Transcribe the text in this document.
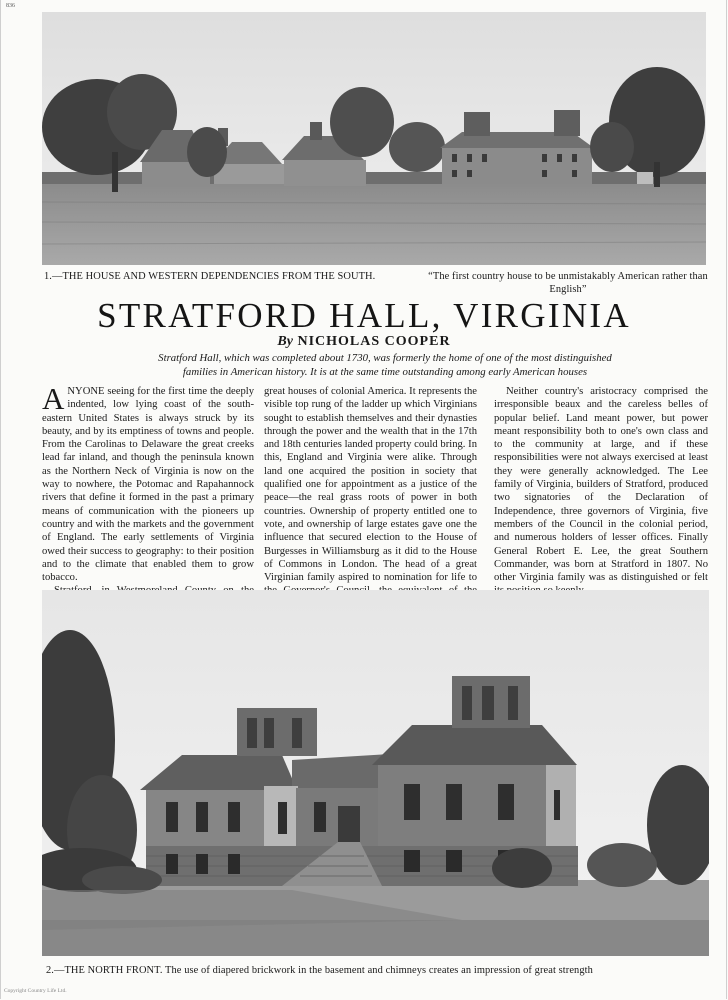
836
1.—THE HOUSE AND WESTERN DEPENDENCIES FROM THE SOUTH.	“The first country house to be unmistakably American rather than English”
STRATFORD HALL, VIRGINIA
By NICHOLAS COOPER
Stratford Hall, which was completed about 1730, was formerly the home of one of the most distinguished families in American history. It is at the same time outstanding among early American houses

ANYONE seeing for the first time the deeply indented, low lying coast of the south-eastern United States is always struck by its beauty, and by its emptiness of towns and people. From the Carolinas to Delaware the great creeks lead far inland, and though the peninsula known as the Northern Neck of Virginia is now on the way to nowhere, the Potomac and Rapahannock rivers that define it formed in the past a primary means of communication with the pioneers up country and with the markets and the government of England. The early settlements of Virginia owed their success to geography: to their position and to the climate that enabled them to grow tobacco.

great houses of colonial America. It represents the visible top rung of the ladder up which Virginians sought to establish themselves and their dynasties through the power and the wealth that in the 17th and 18th centuries landed property could bring. In this, England and Virginia were alike. Through land one acquired the position in society that qualified one for appointment as a justice of the peace—the real grass roots of power in both countries. Ownership of property entitled one to vote, and ownership of large estates gave one the influence that secured election to the House of Burgesses in Williamsburg as it did to the House of Commons in London. The head of a great Virginian family aspired to nomination for life to

Neither country's aristocracy comprised the irresponsible beaux and the careless belles of popular belief. Land meant power, but power meant responsibility both to one's own class and to the community at large, and if these responsibilities were not always exercised at least they were generally acknowledged. The Lee family of Virginia, builders of Stratford, produced two signatories of the Declaration of Independence, three governors of Virginia, five members of the Council in the colonial period, and numerous holders of lesser offices. Finally General Robert E. Lee, the great Southern Commander, was born at Stratford in 1807. No other Virginia family was as distinguished or felt

2.—THE NORTH FRONT. The use of diapered brickwork in the basement and chimneys creates an impression of great strength
Copyright Country Life Ltd.
